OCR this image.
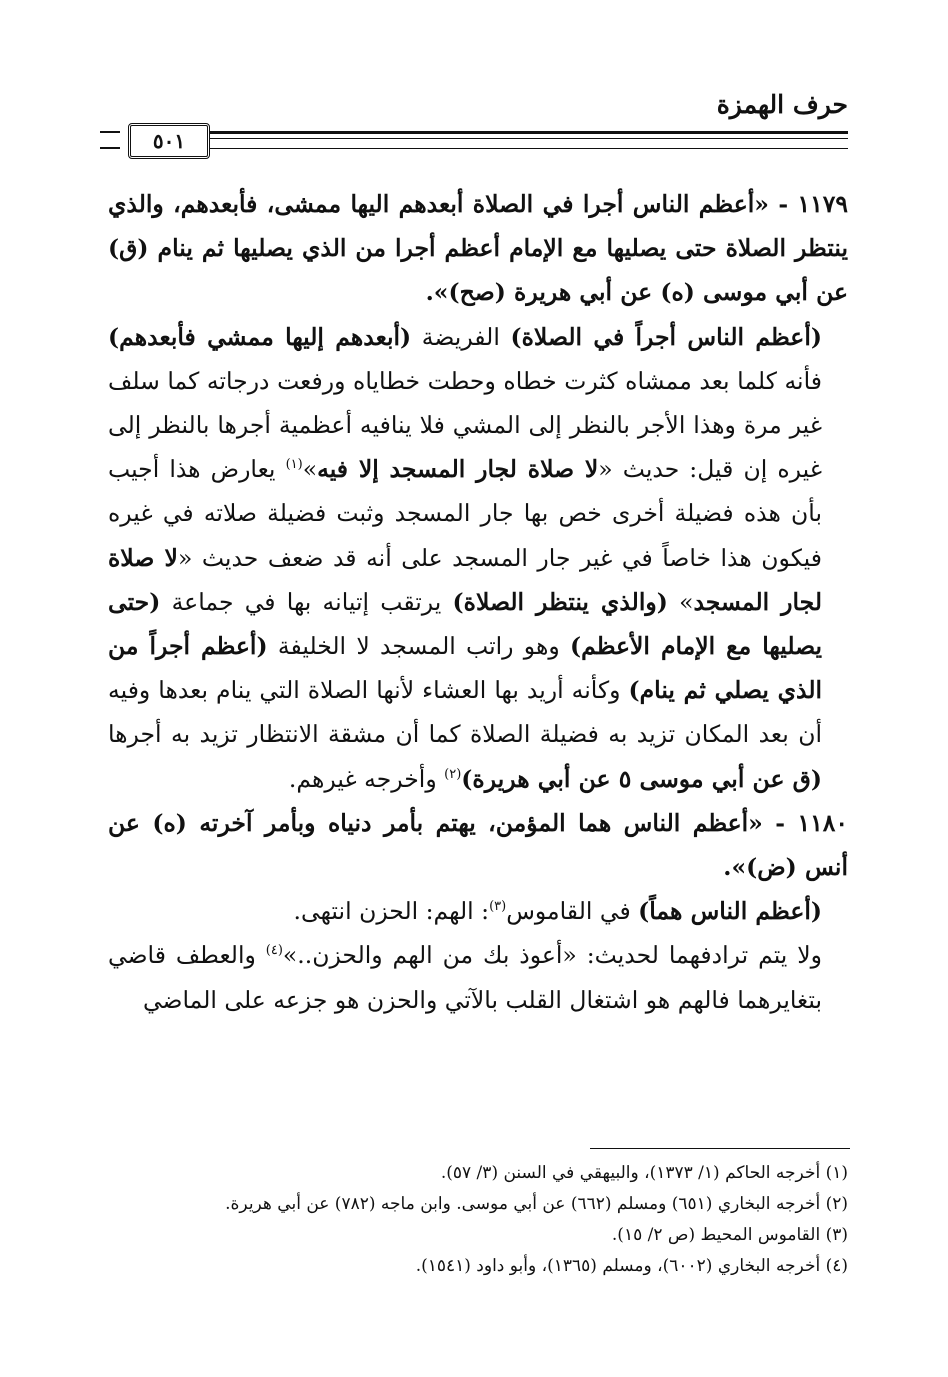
حرف الهمزة
٥٠١

١١٧٩ - «أعظم الناس أجرا في الصلاة أبعدهم اليها ممشى، فأبعدهم، والذي ينتظر الصلاة حتى يصليها مع الإمام أعظم أجرا من الذي يصليها ثم ينام (ق) عن أبي موسى (ه) عن أبي هريرة (صح)».

(أعظم الناس أجراً في الصلاة) الفريضة (أبعدهم إليها ممشي فأبعدهم) فأنه كلما بعد ممشاه كثرت خطاه وحطت خطاياه ورفعت درجاته كما سلف غير مرة وهذا الأجر بالنظر إلى المشي فلا ينافيه أعظمية أجرها بالنظر إلى غيره إن قيل: حديث «لا صلاة لجار المسجد إلا فيه»$^{(١)}$ يعارض هذا أجيب بأن هذه فضيلة أخرى خص بها جار المسجد وثبت فضيلة صلاته في غيره فيكون هذا خاصاً في غير جار المسجد على أنه قد ضعف حديث «لا صلاة لجار المسجد» (والذي ينتظر الصلاة) يرتقب إتيانه بها في جماعة (حتى يصليها مع الإمام الأعظم) وهو راتب المسجد لا الخليفة (أعظم أجراً من الذي يصلي ثم ينام) وكأنه أريد بها العشاء لأنها الصلاة التي ينام بعدها وفيه أن بعد المكان تزيد به فضيلة الصلاة كما أن مشقة الانتظار تزيد به أجرها (ق عن أبي موسى ٥ عن أبي هريرة)$^{(٢)}$ وأخرجه غيرهم.

١١٨٠ - «أعظم الناس هما المؤمن، يهتم بأمر دنياه وبأمر آخرته (ه) عن أنس (ض)».

(أعظم الناس هماً) في القاموس$^{(٣)}$: الهم: الحزن انتهى.

ولا يتم ترادفهما لحديث: «أعوذ بك من الهم والحزن..»$^{(٤)}$ والعطف قاضي بتغايرهما فالهم هو اشتغال القلب بالآتي والحزن هو جزعه على الماضي

(١) أخرجه الحاكم (١/ ١٣٧٣)، والبيهقي في السنن (٣/ ٥٧).

(٢) أخرجه البخاري (٦٥١) ومسلم (٦٦٢) عن أبي موسى. وابن ماجه (٧٨٢) عن أبي هريرة.

(٣) القاموس المحيط (ص ٢/ ١٥).

(٤) أخرجه البخاري (٦٠٠٢)، ومسلم (١٣٦٥)، وأبو داود (١٥٤١).
